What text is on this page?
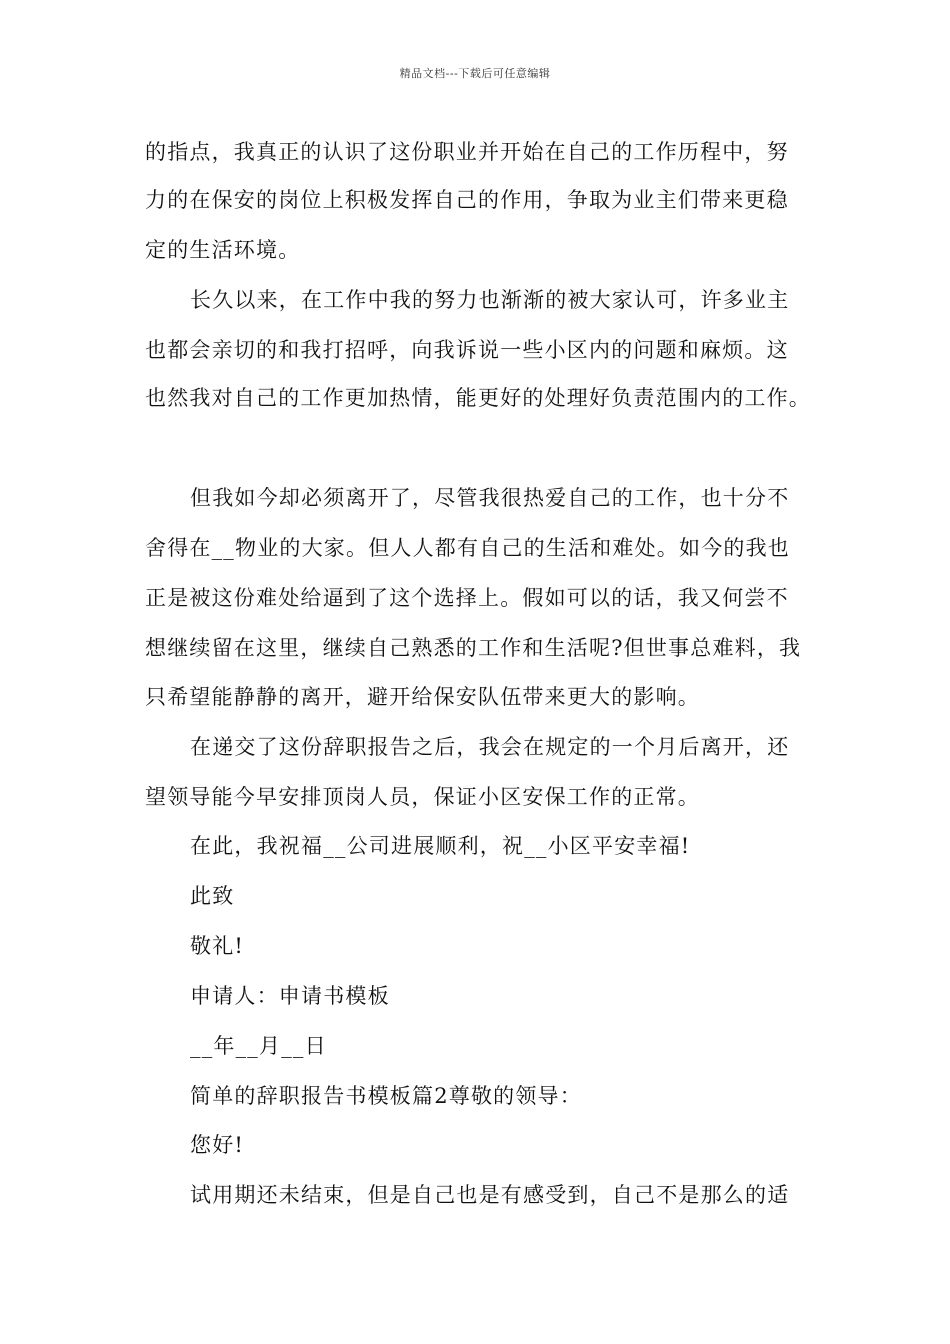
精品文档---下载后可任意编辑
的指点，我真正的认识了这份职业并开始在自己的工作历程中，努
力的在保安的岗位上积极发挥自己的作用，争取为业主们带来更稳
定的生活环境。
长久以来，在工作中我的努力也渐渐的被大家认可，许多业主
也都会亲切的和我打招呼，向我诉说一些小区内的问题和麻烦。这
也然我对自己的工作更加热情，能更好的处理好负责范围内的工作。
但我如今却必须离开了，尽管我很热爱自己的工作，也十分不
舍得在__物业的大家。但人人都有自己的生活和难处。如今的我也
正是被这份难处给逼到了这个选择上。假如可以的话，我又何尝不
想继续留在这里，继续自己熟悉的工作和生活呢?但世事总难料，我
只希望能静静的离开，避开给保安队伍带来更大的影响。
在递交了这份辞职报告之后，我会在规定的一个月后离开，还
望领导能今早安排顶岗人员，保证小区安保工作的正常。
在此，我祝福__公司进展顺利，祝__小区平安幸福!
此致
敬礼!
申请人：申请书模板
__年__月__日
简单的辞职报告书模板篇2尊敬的领导：
您好!
试用期还未结束，但是自己也是有感受到，自己不是那么的适
